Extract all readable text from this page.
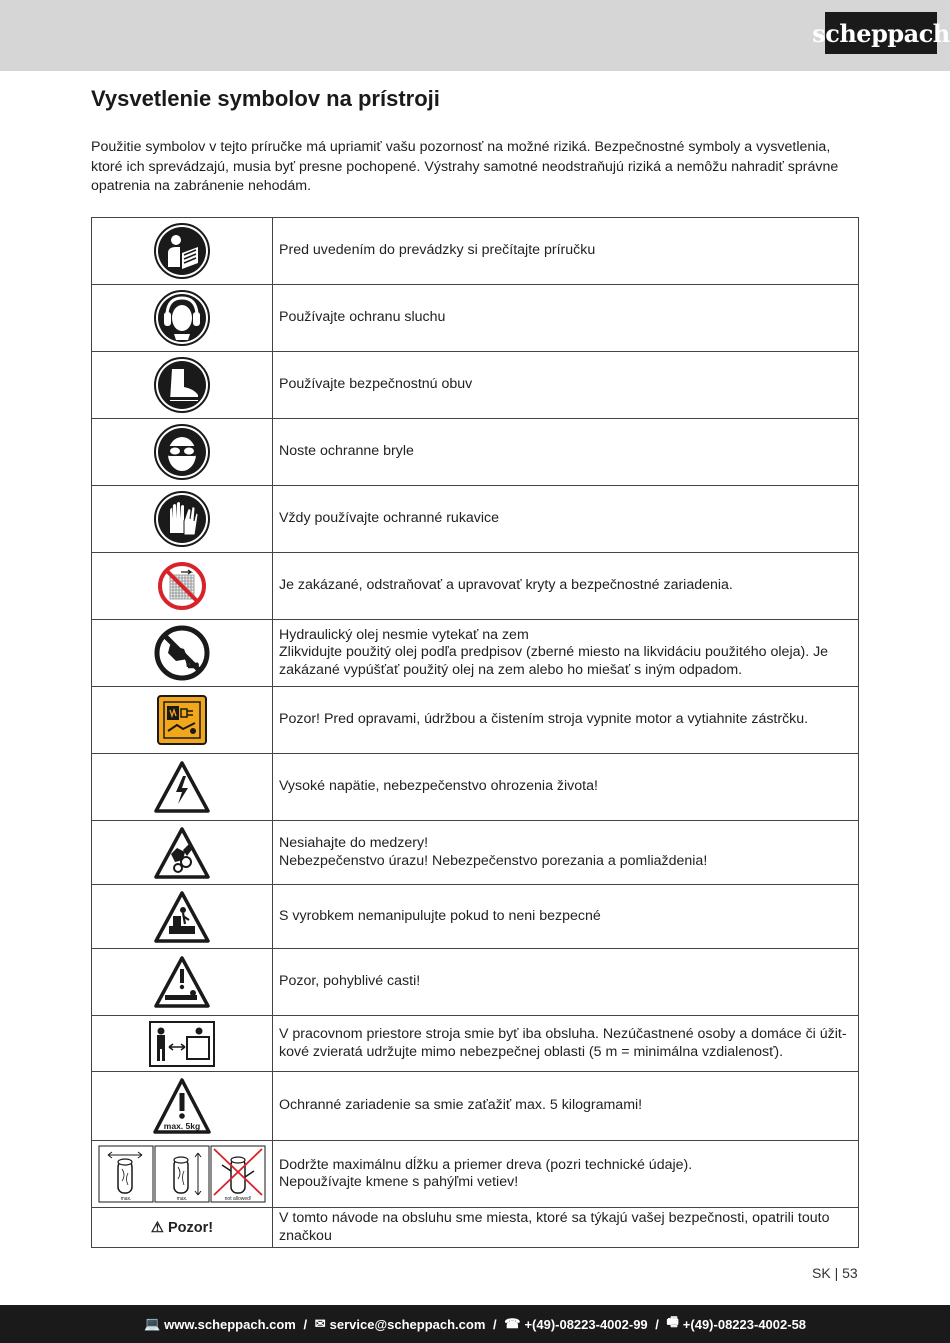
scheppach
Vysvetlenie symbolov na prístroji

Použitie symbolov v tejto príručke má upriamiť vašu pozornosť na možné riziká. Bezpečnostné symboly a vysvetlenia, ktoré ich sprevádzajú, musia byť presne pochopené. Výstrahy samotné neodstraňujú riziká a nemôžu nahradiť správne opatrenia na zabránenie nehodám.

Pred uvedením do prevádzky si prečítajte príručku

Používajte ochranu sluchu

Používajte bezpečnostnú obuv

Noste ochranne bryle

Vždy používajte ochranné rukavice

Je zakázané, odstraňovať a upravovať kryty a bezpečnostné zariadenia.

Hydraulický olej nesmie vytekať na zem
Zlikvidujte použitý olej podľa predpisov (zberné miesto na likvidáciu použitého oleja). Je zakázané vypúšťať použitý olej na zem alebo ho miešať s iným odpadom.

Pozor! Pred opravami, údržbou a čistením stroja vypnite motor a vytiahnite zástrčku.

Vysoké napätie, nebezpečenstvo ohrozenia života!

Nesiahajte do medzery!
Nebezpečenstvo úrazu! Nebezpečenstvo porezania a pomliaždenia!

S vyrobkem nemanipulujte pokud to neni bezpecné

Pozor, pohyblivé casti!

V pracovnom priestore stroja smie byť iba obsluha. Nezúčastnené osoby a domáce či úžit-kové zvieratá udržujte mimo nebezpečnej oblasti (5 m = minimálna vzdialenosť).

max. 5kg	Ochranné zariadenie sa smie zaťažiť max. 5 kilogramami!

max. max. not allowed!	Dodržte maximálnu dĺžku a priemer dreva (pozri technické údaje).
Nepoužívajte kmene s pahýľmi vetiev!

⚠ Pozor!	V tomto návode na obsluhu sme miesta, ktoré sa týkajú vašej bezpečnosti, opatrili touto značkou
SK | 53
💻 www.scheppach.com / ✉ service@scheppach.com / ☎ +(49)-08223-4002-99 / 🖷 +(49)-08223-4002-58
